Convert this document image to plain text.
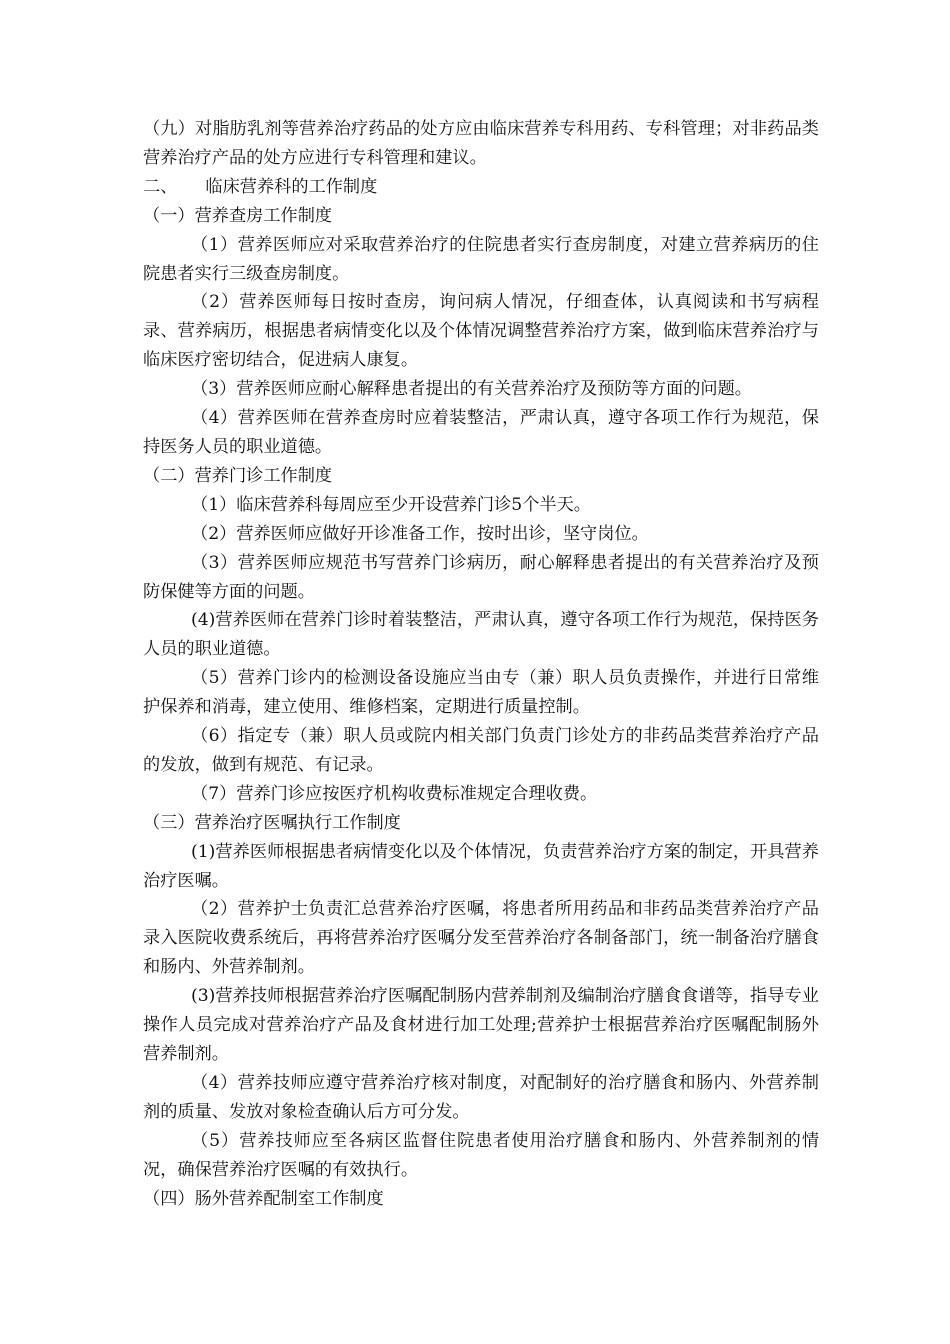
（九）对脂肪乳剂等营养治疗药品的处方应由临床营养专科用药、专科管理；对非药品类营养治疗产品的处方应进行专科管理和建议。

二、 临床营养科的工作制度

（一）营养查房工作制度

（1）营养医师应对采取营养治疗的住院患者实行查房制度，对建立营养病历的住院患者实行三级查房制度。

（2）营养医师每日按时查房，询问病人情况，仔细查体，认真阅读和书写病程录、营养病历，根据患者病情变化以及个体情况调整营养治疗方案，做到临床营养治疗与临床医疗密切结合，促进病人康复。

（3）营养医师应耐心解释患者提出的有关营养治疗及预防等方面的问题。

（4）营养医师在营养查房时应着装整洁，严肃认真，遵守各项工作行为规范，保持医务人员的职业道德。

（二）营养门诊工作制度

（1）临床营养科每周应至少开设营养门诊5个半天。

（2）营养医师应做好开诊准备工作，按时出诊，坚守岗位。

（3）营养医师应规范书写营养门诊病历，耐心解释患者提出的有关营养治疗及预防保健等方面的问题。

(4)营养医师在营养门诊时着装整洁，严肃认真，遵守各项工作行为规范，保持医务人员的职业道德。

（5）营养门诊内的检测设备设施应当由专（兼）职人员负责操作，并进行日常维护保养和消毒，建立使用、维修档案，定期进行质量控制。

（6）指定专（兼）职人员或院内相关部门负责门诊处方的非药品类营养治疗产品的发放，做到有规范、有记录。

（7）营养门诊应按医疗机构收费标准规定合理收费。

（三）营养治疗医嘱执行工作制度

(1)营养医师根据患者病情变化以及个体情况，负责营养治疗方案的制定，开具营养治疗医嘱。

（2）营养护士负责汇总营养治疗医嘱，将患者所用药品和非药品类营养治疗产品录入医院收费系统后，再将营养治疗医嘱分发至营养治疗各制备部门，统一制备治疗膳食和肠内、外营养制剂。

(3)营养技师根据营养治疗医嘱配制肠内营养制剂及编制治疗膳食食谱等，指导专业操作人员完成对营养治疗产品及食材进行加工处理;营养护士根据营养治疗医嘱配制肠外营养制剂。

（4）营养技师应遵守营养治疗核对制度，对配制好的治疗膳食和肠内、外营养制剂的质量、发放对象检查确认后方可分发。

（5）营养技师应至各病区监督住院患者使用治疗膳食和肠内、外营养制剂的情况，确保营养治疗医嘱的有效执行。

（四）肠外营养配制室工作制度
